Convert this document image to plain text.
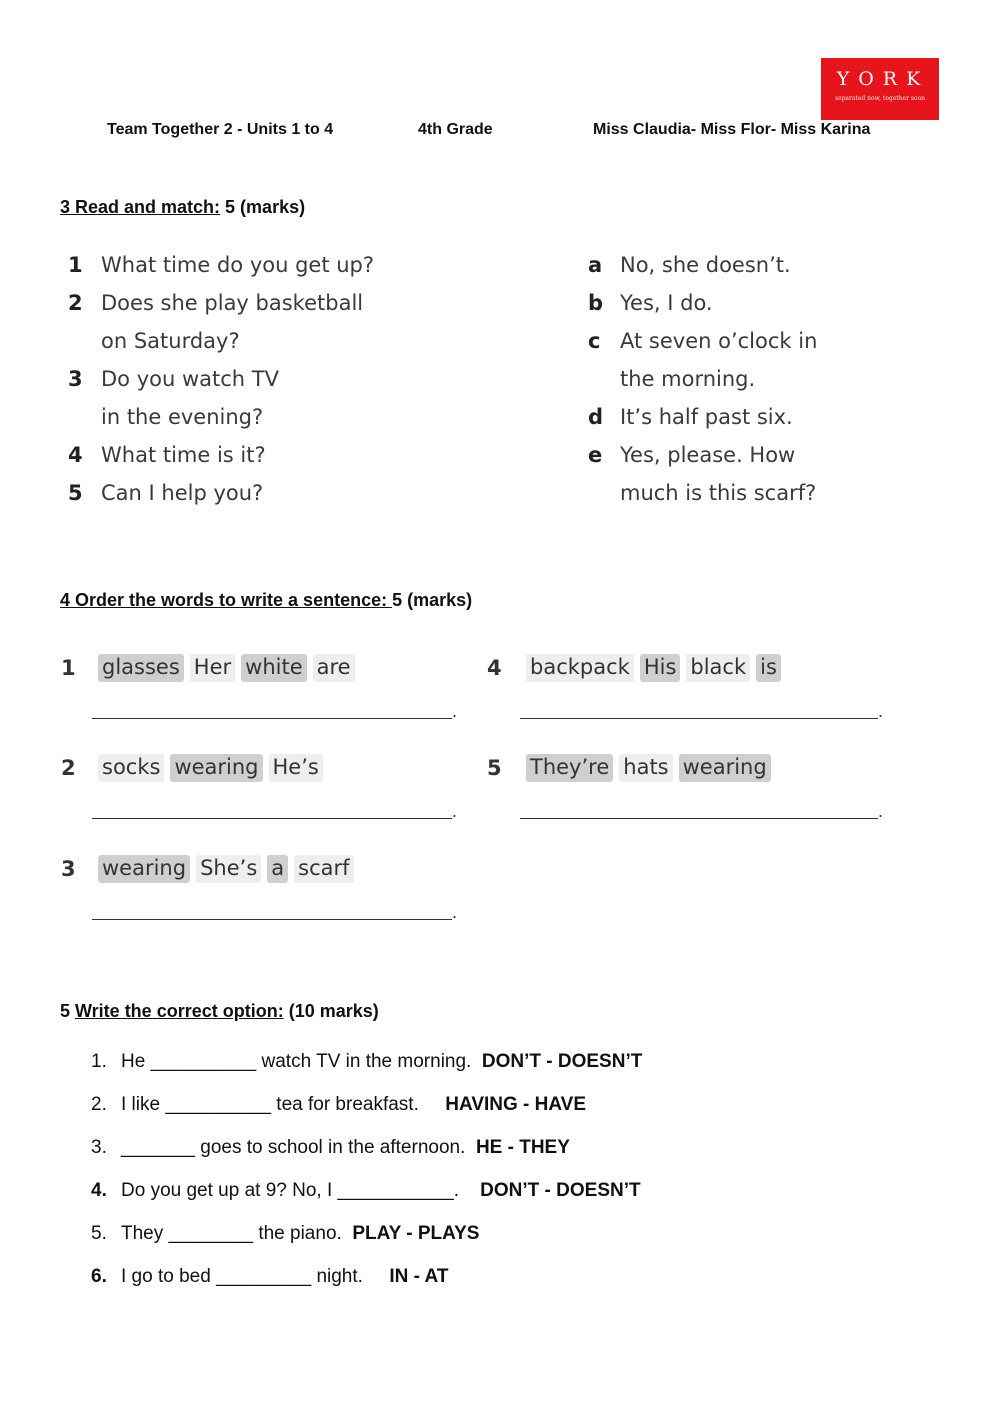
YORK
separated now, together soon
Team Together 2 - Units 1 to 4	4th Grade	Miss Claudia- Miss Flor- Miss Karina
3 Read and match: 5 (marks)
1 What time do you get up?
2 Does she play basketball
on Saturday?
3 Do you watch TV
in the evening?
4 What time is it?
5 Can I help you?
a No, she doesn’t.
b Yes, I do.
c At seven o’clock in
the morning.
d It’s half past six.
e Yes, please. How
much is this scarf?
4 Order the words to write a sentence: 5 (marks)
1 glasses Her white are
.
2 socks wearing He’s
.
3 wearing She’s a scarf
.
4 backpack His black is
.
5 They’re hats wearing
.
5 Write the correct option: (10 marks)
1. He __________ watch TV in the morning. DON’T - DOESN’T
2. I like __________ tea for breakfast. HAVING - HAVE
3. _______ goes to school in the afternoon. HE - THEY
4. Do you get up at 9? No, I ___________. DON’T - DOESN’T
5. They ________ the piano. PLAY - PLAYS
6. I go to bed _________ night. IN - AT
